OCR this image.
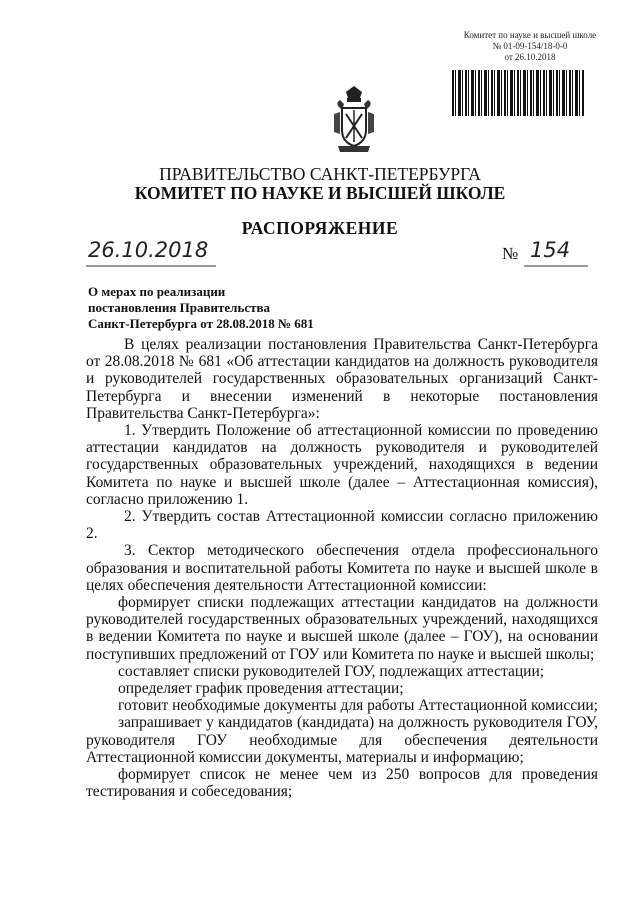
Комитет по науке и высшей школе
№ 01-09-154/18-0-0
от 26.10.2018
ПРАВИТЕЛЬСТВО САНКТ-ПЕТЕРБУРГА
КОМИТЕТ ПО НАУКЕ И ВЫСШЕЙ ШКОЛЕ
РАСПОРЯЖЕНИЕ
26.10.2018	№ 154
О мерах по реализации
постановления Правительства
Санкт-Петербурга от 28.08.2018 № 681

В целях реализации постановления Правительства Санкт-Петербурга от 28.08.2018 № 681 «Об аттестации кандидатов на должность руководителя и руководителей государственных образовательных организаций Санкт-Петербурга и внесении изменений в некоторые постановления Правительства Санкт-Петербурга»:

1. Утвердить Положение об аттестационной комиссии по проведению аттестации кандидатов на должность руководителя и руководителей государственных образовательных учреждений, находящихся в ведении Комитета по науке и высшей школе (далее – Аттестационная комиссия), согласно приложению 1.

2. Утвердить состав Аттестационной комиссии согласно приложению 2.

3. Сектор методического обеспечения отдела профессионального образования и воспитательной работы Комитета по науке и высшей школе в целях обеспечения деятельности Аттестационной комиссии:

формирует списки подлежащих аттестации кандидатов на должности руководителей государственных образовательных учреждений, находящихся в ведении Комитета по науке и высшей школе (далее – ГОУ), на основании поступивших предложений от ГОУ или Комитета по науке и высшей школы;

составляет списки руководителей ГОУ, подлежащих аттестации;

определяет график проведения аттестации;

готовит необходимые документы для работы Аттестационной комиссии;

запрашивает у кандидатов (кандидата) на должность руководителя ГОУ, руководителя ГОУ необходимые для обеспечения деятельности Аттестационной комиссии документы, материалы и информацию;

формирует список не менее чем из 250 вопросов для проведения тестирования и собеседования;
